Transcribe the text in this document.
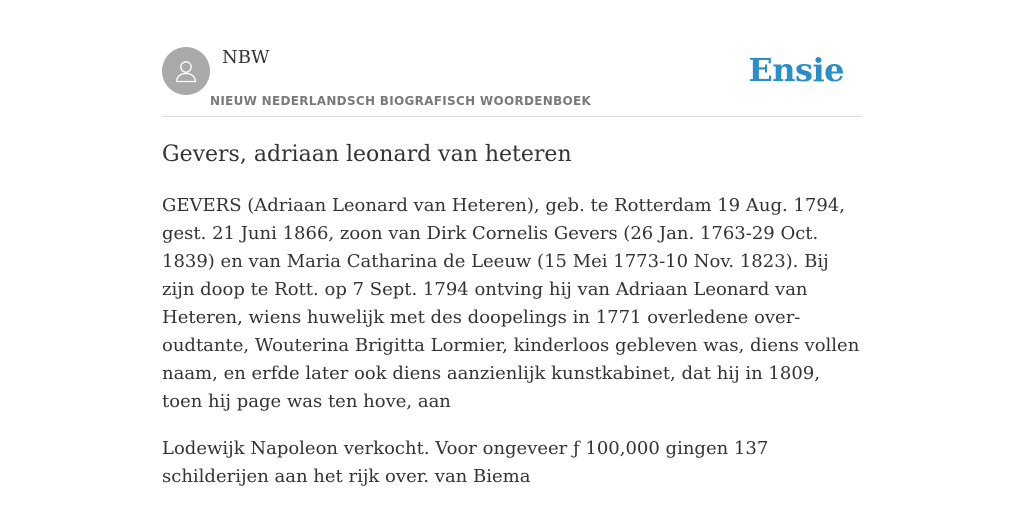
NBW
NIEUW NEDERLANDSCH BIOGRAFISCH WOORDENBOEK
Ensie
Gevers, adriaan leonard van heteren

GEVERS (Adriaan Leonard van Heteren), geb. te Rotterdam 19 Aug. 1794, gest. 21 Juni 1866, zoon van Dirk Cornelis Gevers (26 Jan. 1763-29 Oct. 1839) en van Maria Catharina de Leeuw (15 Mei 1773-10 Nov. 1823). Bij zijn doop te Rott. op 7 Sept. 1794 ontving hij van Adriaan Leonard van Heteren, wiens huwelijk met des doopelings in 1771 overledene over-oudtante, Wouterina Brigitta Lormier, kinderloos gebleven was, diens vollen naam, en erfde later ook diens aanzienlijk kunstkabinet, dat hij in 1809, toen hij page was ten hove, aan

Lodewijk Napoleon verkocht. Voor ongeveer ƒ 100,000 gingen 137 schilderijen aan het rijk over. van Biema
